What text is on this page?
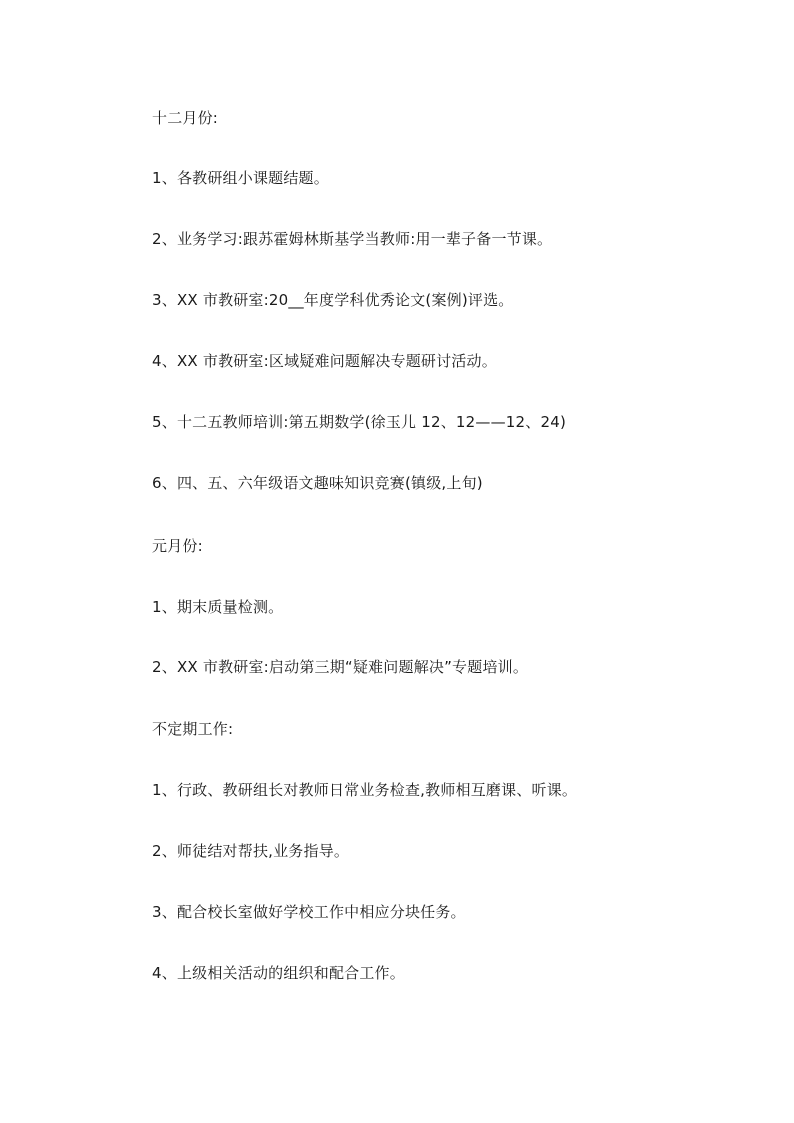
十二月份:
1、各教研组小课题结题。
2、业务学习:跟苏霍姆林斯基学当教师:用一辈子备一节课。
3、XX 市教研室:20__年度学科优秀论文(案例)评选。
4、XX 市教研室:区域疑难问题解决专题研讨活动。
5、十二五教师培训:第五期数学(徐玉儿 12、12——12、24)
6、四、五、六年级语文趣味知识竞赛(镇级,上旬)
元月份:
1、期末质量检测。
2、XX 市教研室:启动第三期“疑难问题解决”专题培训。
不定期工作:
1、行政、教研组长对教师日常业务检查,教师相互磨课、听课。
2、师徒结对帮扶,业务指导。
3、配合校长室做好学校工作中相应分块任务。
4、上级相关活动的组织和配合工作。
